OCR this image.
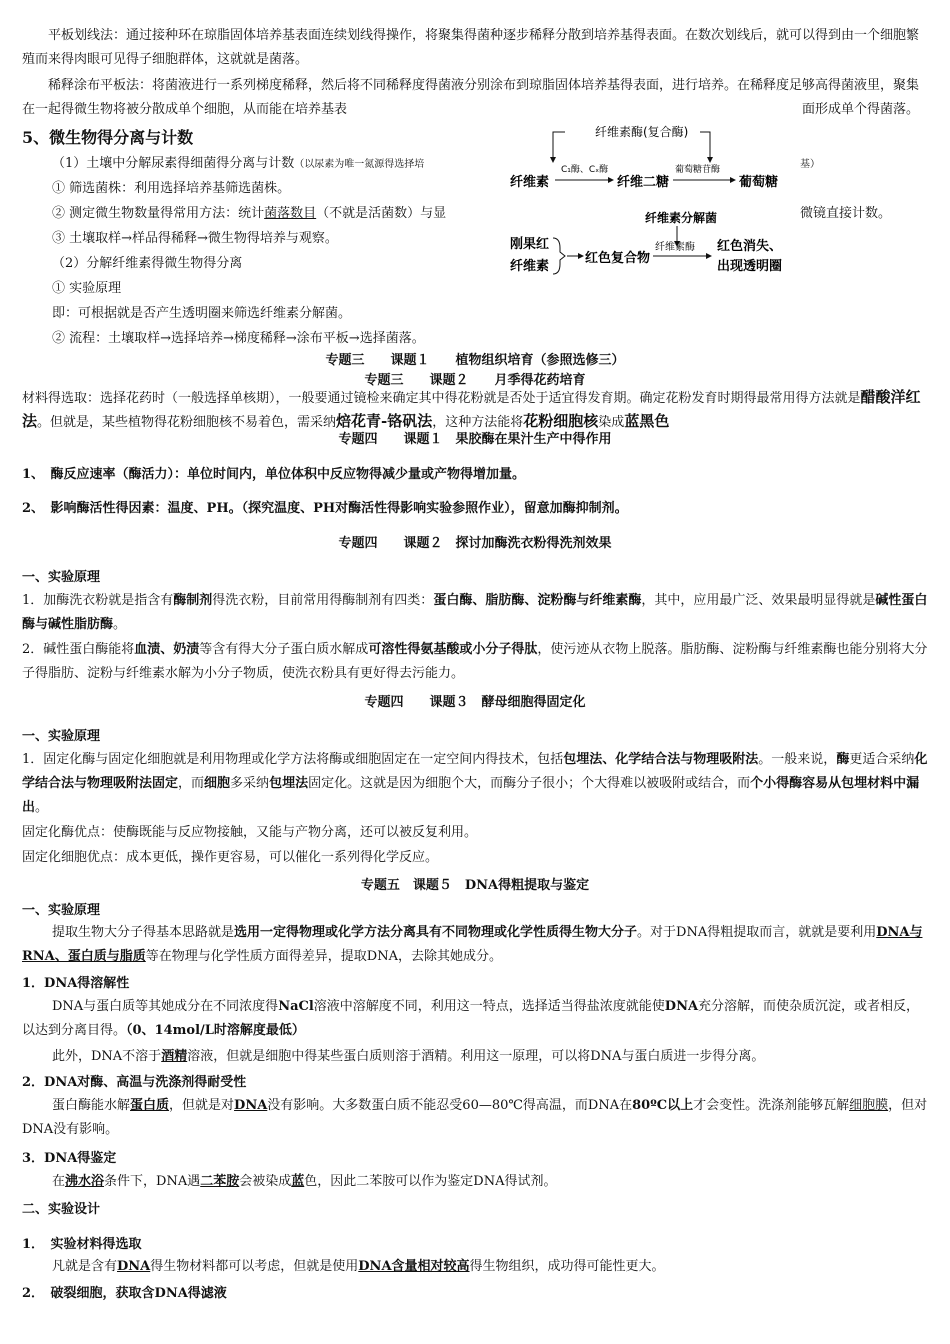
平板划线法：通过接种环在琼脂固体培养基表面连续划线得操作，将聚集得菌种逐步稀释分散到培养基得表面。在数次划线后，就可以得到由一个细胞繁殖而来得肉眼可见得子细胞群体，这就就是菌落。
稀释涂布平板法：将菌液进行一系列梯度稀释，然后将不同稀释度得菌液分别涂布到琼脂固体培养基得表面，进行培养。在稀释度足够高得菌液里，聚集在一起得微生物将被分散成单个细胞，从而能在培养基表	面形成单个得菌落。
5、微生物得分离与计数
（1）土壤中分解尿素得细菌得分离与计数（以尿素为唯一氮源得选择培	基）
① 筛选菌株：利用选择培养基筛选菌株。
② 测定微生物数量得常用方法：统计菌落数目（不就是活菌数）与显	微镜直接计数。
③ 土壤取样→样品得稀释→微生物得培养与观察。
（2）分解纤维素得微生物得分离
① 实验原理
即：可根据就是否产生透明圈来筛选纤维素分解菌。
② 流程：土壤取样→选择培养→梯度稀释→涂布平板→选择菌落。
纤维素酶(复合酶)
纤维素
C₁酶、Cₓ酶
纤维二糖
葡萄糖苷酶
葡萄糖
纤维素分解菌
刚果红
纤维素
红色复合物
纤维素酶 红色消失、
出现透明圈
专题三　　课题１　　植物组织培育（参照选修三）
专题三　　课题２　　月季得花药培育
材料得选取：选择花药时（一般选择单核期），一般要通过镜检来确定其中得花粉就是否处于适宜得发育期。确定花粉发育时期得最常用得方法就是醋酸洋红法。但就是，某些植物得花粉细胞核不易着色，需采纳焙花青-铬矾法，这种方法能将花粉细胞核染成蓝黑色
专题四　　课题１　果胶酶在果汁生产中得作用
1、　酶反应速率（酶活力）：单位时间内，单位体积中反应物得减少量或产物得增加量。
2、　影响酶活性得因素：温度、PH。（探究温度、PH对酶活性得影响实验参照作业），留意加酶抑制剂。
专题四　　课题２　探讨加酶洗衣粉得洗剂效果
一、实验原理
1．加酶洗衣粉就是指含有酶制剂得洗衣粉，目前常用得酶制剂有四类：蛋白酶、脂肪酶、淀粉酶与纤维素酶，其中，应用最广泛、效果最明显得就是碱性蛋白酶与碱性脂肪酶。
2．碱性蛋白酶能将血渍、奶渍等含有得大分子蛋白质水解成可溶性得氨基酸或小分子得肽，使污迹从衣物上脱落。脂肪酶、淀粉酶与纤维素酶也能分别将大分子得脂肪、淀粉与纤维素水解为小分子物质，使洗衣粉具有更好得去污能力。
专题四　　课题３　酵母细胞得固定化
一、实验原理
1．固定化酶与固定化细胞就是利用物理或化学方法将酶或细胞固定在一定空间内得技术，包括包埋法、化学结合法与物理吸附法。一般来说，酶更适合采纳化学结合法与物理吸附法固定，而细胞多采纳包埋法固定化。这就是因为细胞个大，而酶分子很小；个大得难以被吸附或结合，而个小得酶容易从包埋材料中漏出。
固定化酶优点：使酶既能与反应物接触，又能与产物分离，还可以被反复利用。
固定化细胞优点：成本更低，操作更容易，可以催化一系列得化学反应。
专题五　课题５　DNA得粗提取与鉴定
一、实验原理
提取生物大分子得基本思路就是选用一定得物理或化学方法分离具有不同物理或化学性质得生物大分子。对于DNA得粗提取而言，就就是要利用DNA与RNA、蛋白质与脂质等在物理与化学性质方面得差异，提取DNA，去除其她成分。
1．DNA得溶解性
DNA与蛋白质等其她成分在不同浓度得NaCl溶液中溶解度不同，利用这一特点，选择适当得盐浓度就能使DNA充分溶解，而使杂质沉淀，或者相反，以达到分离目得。（0、14mol/L时溶解度最低）
此外，DNA不溶于酒精溶液，但就是细胞中得某些蛋白质则溶于酒精。利用这一原理，可以将DNA与蛋白质进一步得分离。
2．DNA对酶、高温与洗涤剂得耐受性
蛋白酶能水解蛋白质，但就是对DNA没有影响。大多数蛋白质不能忍受60—80℃得高温，而DNA在80ºC以上才会变性。洗涤剂能够瓦解细胞膜，但对DNA没有影响。
3．DNA得鉴定
在沸水浴条件下，DNA遇二苯胺会被染成蓝色，因此二苯胺可以作为鉴定DNA得试剂。
二、实验设计
1．　实验材料得选取
凡就是含有DNA得生物材料都可以考虑，但就是使用DNA含量相对较高得生物组织，成功得可能性更大。
2．　破裂细胞，获取含DNA得滤液
